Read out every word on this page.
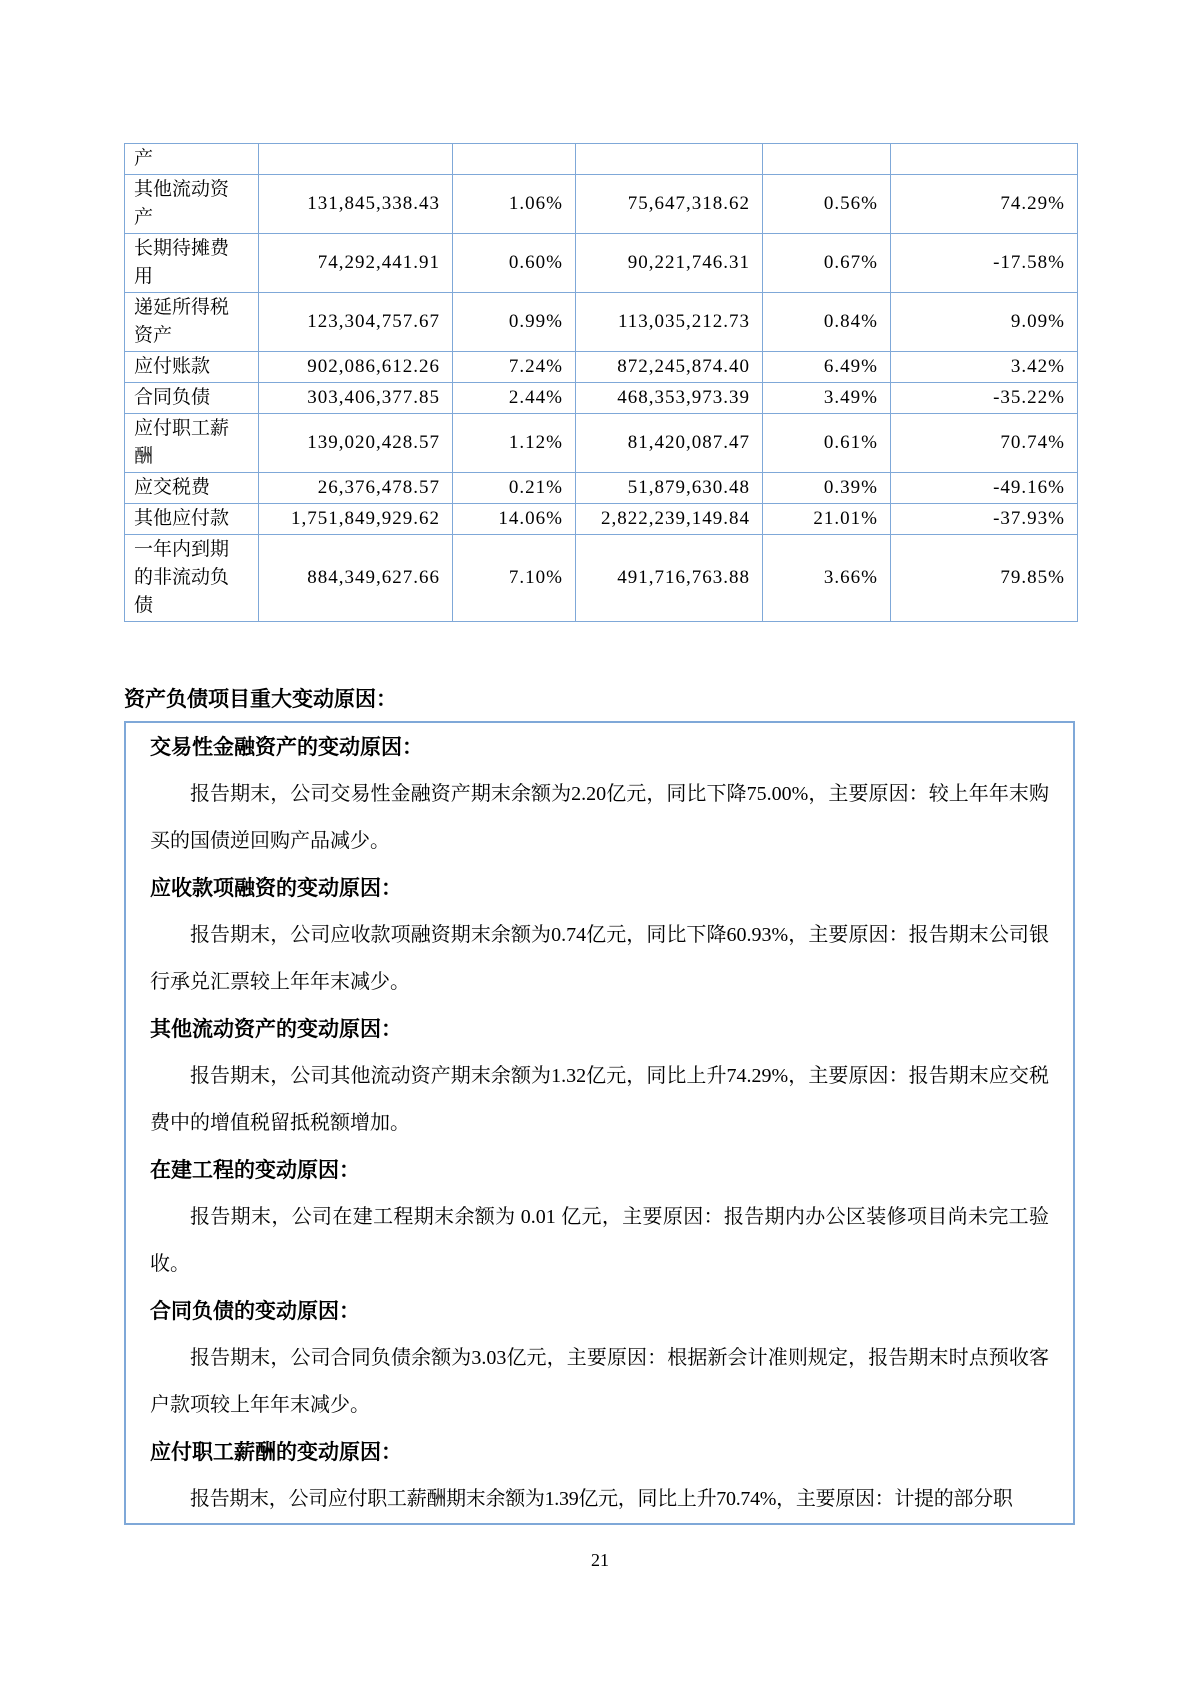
产					
其他流动资产	131,845,338.43	1.06%	75,647,318.62	0.56%	74.29%
长期待摊费用	74,292,441.91	0.60%	90,221,746.31	0.67%	-17.58%
递延所得税资产	123,304,757.67	0.99%	113,035,212.73	0.84%	9.09%
应付账款	902,086,612.26	7.24%	872,245,874.40	6.49%	3.42%
合同负债	303,406,377.85	2.44%	468,353,973.39	3.49%	-35.22%
应付职工薪酬	139,020,428.57	1.12%	81,420,087.47	0.61%	70.74%
应交税费	26,376,478.57	0.21%	51,879,630.48	0.39%	-49.16%
其他应付款	1,751,849,929.62	14.06%	2,822,239,149.84	21.01%	-37.93%
一年内到期的非流动负债	884,349,627.66	7.10%	491,716,763.88	3.66%	79.85%
资产负债项目重大变动原因：
交易性金融资产的变动原因：

报告期末，公司交易性金融资产期末余额为2.20亿元，同比下降75.00%，主要原因：较上年年末购买的国债逆回购产品减少。

应收款项融资的变动原因：

报告期末，公司应收款项融资期末余额为0.74亿元，同比下降60.93%，主要原因：报告期末公司银行承兑汇票较上年年末减少。

其他流动资产的变动原因：

报告期末，公司其他流动资产期末余额为1.32亿元，同比上升74.29%，主要原因：报告期末应交税费中的增值税留抵税额增加。

在建工程的变动原因：

报告期末，公司在建工程期末余额为 0.01 亿元，主要原因：报告期内办公区装修项目尚未完工验收。

合同负债的变动原因：

报告期末，公司合同负债余额为3.03亿元，主要原因：根据新会计准则规定，报告期末时点预收客户款项较上年年末减少。

应付职工薪酬的变动原因：

报告期末，公司应付职工薪酬期末余额为1.39亿元，同比上升70.74%，主要原因：计提的部分职

21
